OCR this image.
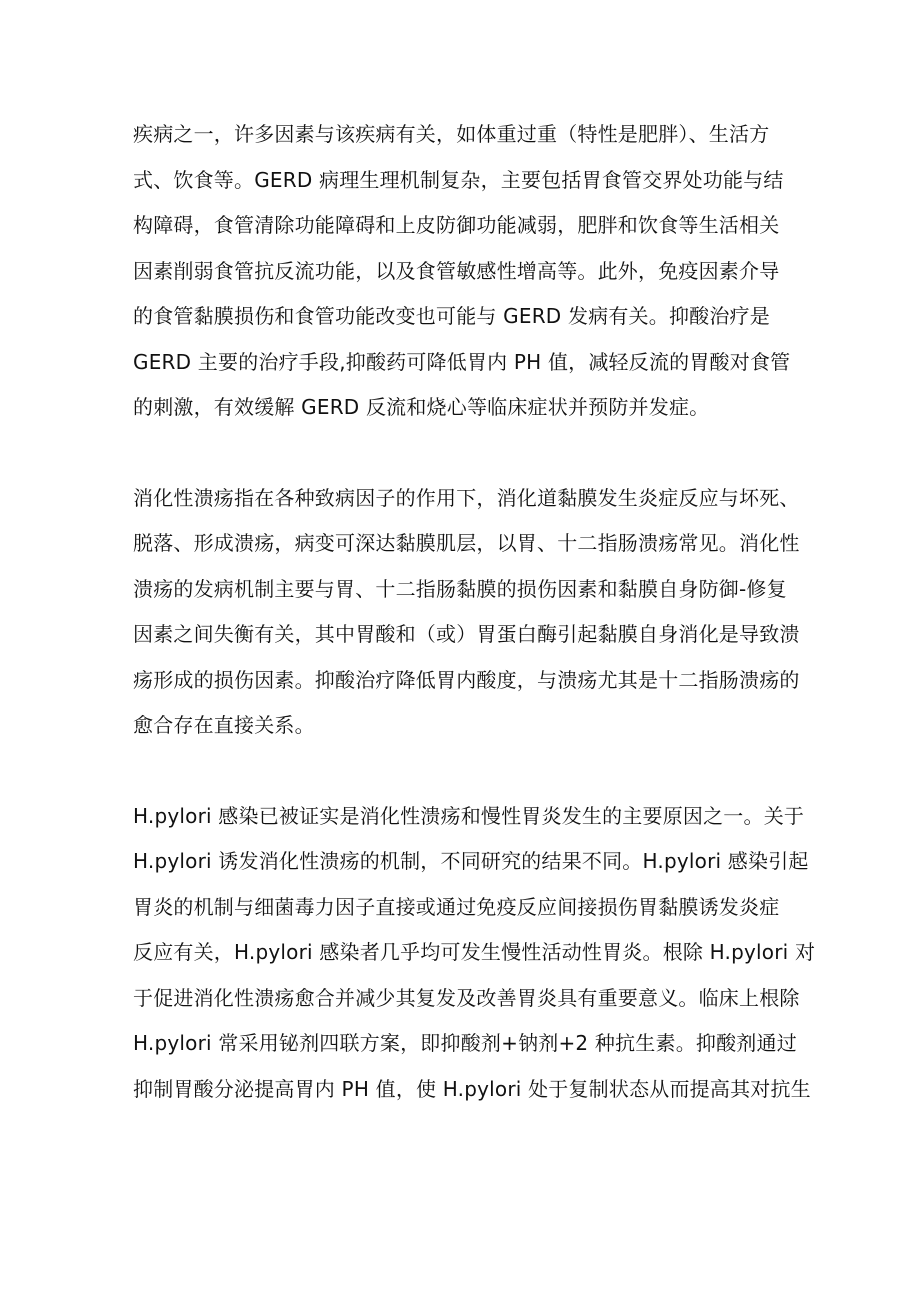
疾病之一，许多因素与该疾病有关，如体重过重（特性是肥胖）、生活方
式、饮食等。GERD 病理生理机制复杂，主要包括胃食管交界处功能与结
构障碍，食管清除功能障碍和上皮防御功能减弱，肥胖和饮食等生活相关
因素削弱食管抗反流功能，以及食管敏感性增高等。此外，免疫因素介导
的食管黏膜损伤和食管功能改变也可能与 GERD 发病有关。抑酸治疗是
GERD 主要的治疗手段,抑酸药可降低胃内 PH 值，减轻反流的胃酸对食管
的刺激，有效缓解 GERD 反流和烧心等临床症状并预防并发症。
消化性溃疡指在各种致病因子的作用下，消化道黏膜发生炎症反应与坏死、
脱落、形成溃疡，病变可深达黏膜肌层，以胃、十二指肠溃疡常见。消化性
溃疡的发病机制主要与胃、十二指肠黏膜的损伤因素和黏膜自身防御-修复
因素之间失衡有关，其中胃酸和（或）胃蛋白酶引起黏膜自身消化是导致溃
疡形成的损伤因素。抑酸治疗降低胃内酸度，与溃疡尤其是十二指肠溃疡的
愈合存在直接关系。
H.pylori 感染已被证实是消化性溃疡和慢性胃炎发生的主要原因之一。关于
H.pylori 诱发消化性溃疡的机制，不同研究的结果不同。H.pylori 感染引起
胃炎的机制与细菌毒力因子直接或通过免疫反应间接损伤胃黏膜诱发炎症
反应有关，H.pylori 感染者几乎均可发生慢性活动性胃炎。根除 H.pylori 对
于促进消化性溃疡愈合并减少其复发及改善胃炎具有重要意义。临床上根除
H.pylori 常采用铋剂四联方案，即抑酸剂+钠剂+2 种抗生素。抑酸剂通过
抑制胃酸分泌提高胃内 PH 值，使 H.pylori 处于复制状态从而提高其对抗生
